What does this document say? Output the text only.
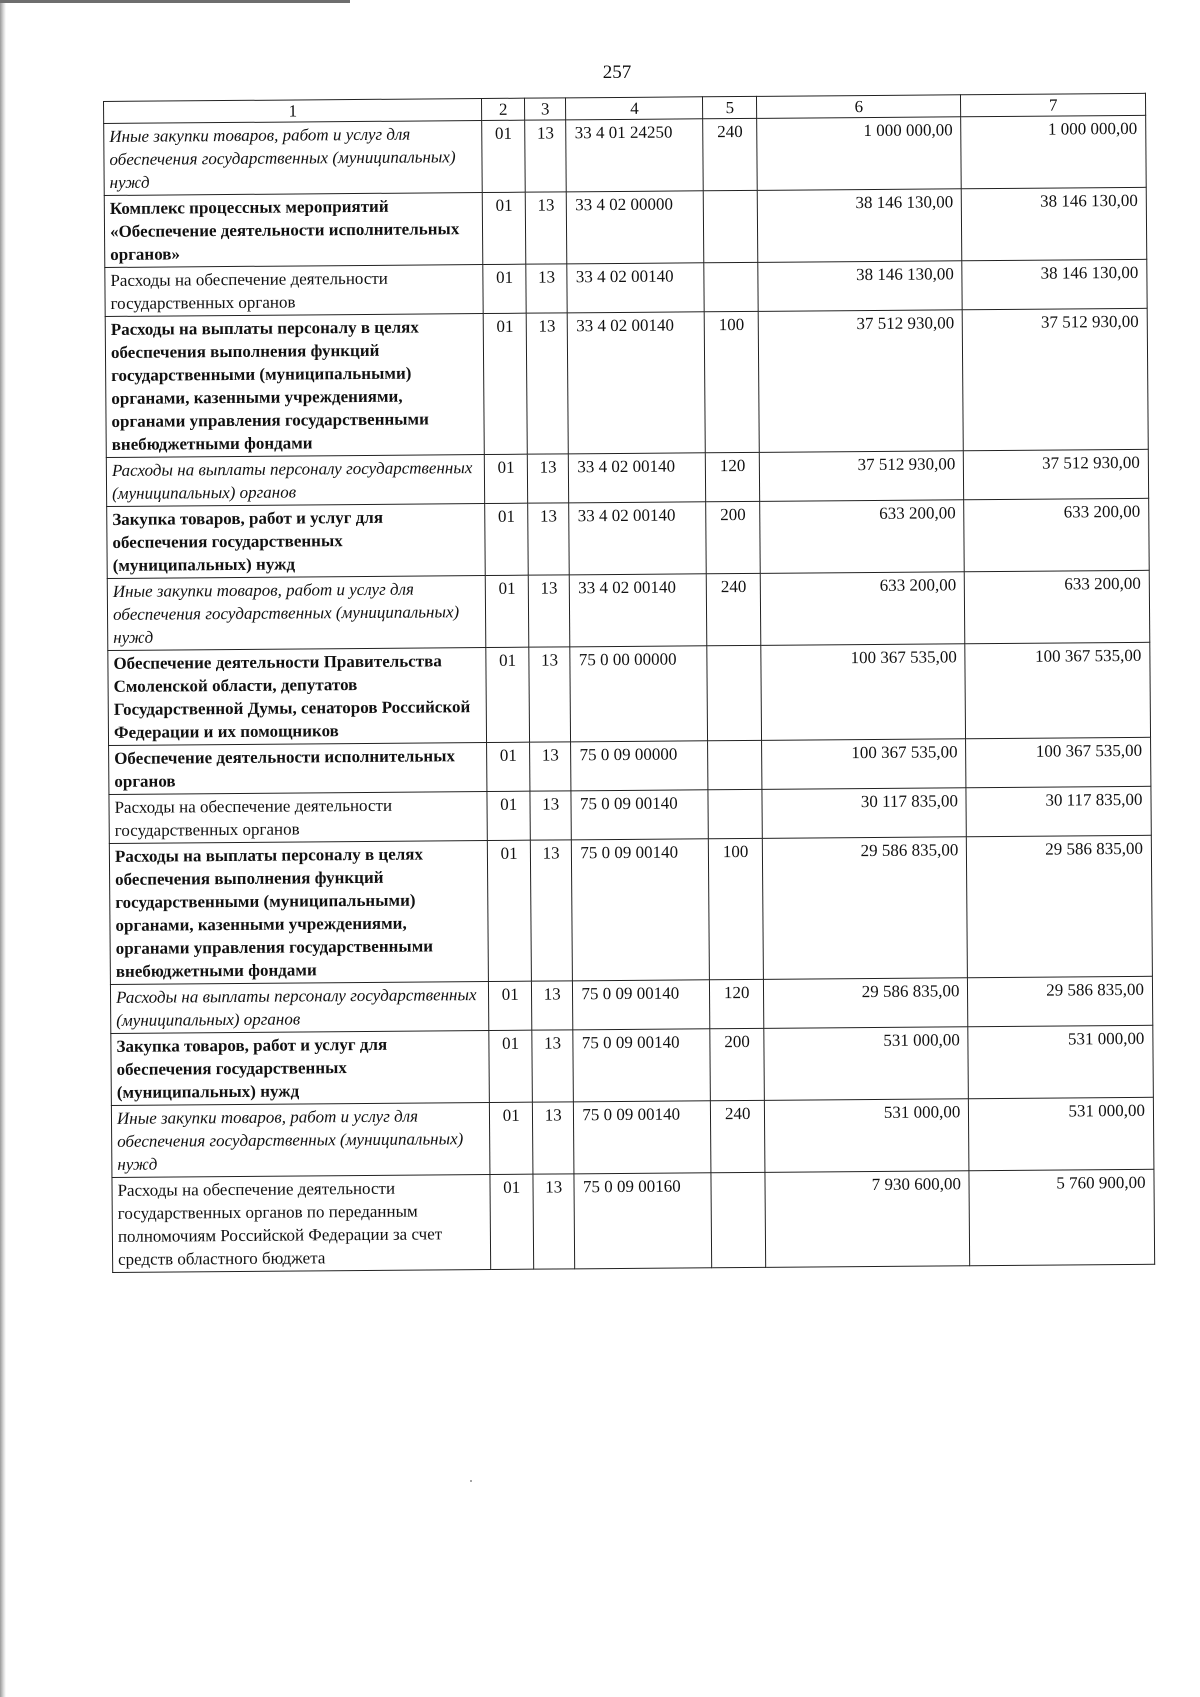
257
1	2	3	4	5	6	7
Иные закупки товаров, работ и услуг для обеспечения государственных (муниципальных) нужд	01	13	33 4 01 24250	240	1 000 000,00	1 000 000,00
Комплекс процессных мероприятий «Обеспечение деятельности исполнительных органов»	01	13	33 4 02 00000		38 146 130,00	38 146 130,00
Расходы на обеспечение деятельности государственных органов	01	13	33 4 02 00140		38 146 130,00	38 146 130,00
Расходы на выплаты персоналу в целях обеспечения выполнения функций государственными (муниципальными) органами, казенными учреждениями, органами управления государственными внебюджетными фондами	01	13	33 4 02 00140	100	37 512 930,00	37 512 930,00
Расходы на выплаты персоналу государственных (муниципальных) органов	01	13	33 4 02 00140	120	37 512 930,00	37 512 930,00
Закупка товаров, работ и услуг для обеспечения государственных (муниципальных) нужд	01	13	33 4 02 00140	200	633 200,00	633 200,00
Иные закупки товаров, работ и услуг для обеспечения государственных (муниципальных) нужд	01	13	33 4 02 00140	240	633 200,00	633 200,00
Обеспечение деятельности Правительства Смоленской области, депутатов Государственной Думы, сенаторов Российской Федерации и их помощников	01	13	75 0 00 00000		100 367 535,00	100 367 535,00
Обеспечение деятельности исполнительных органов	01	13	75 0 09 00000		100 367 535,00	100 367 535,00
Расходы на обеспечение деятельности государственных органов	01	13	75 0 09 00140		30 117 835,00	30 117 835,00
Расходы на выплаты персоналу в целях обеспечения выполнения функций государственными (муниципальными) органами, казенными учреждениями, органами управления государственными внебюджетными фондами	01	13	75 0 09 00140	100	29 586 835,00	29 586 835,00
Расходы на выплаты персоналу государственных (муниципальных) органов	01	13	75 0 09 00140	120	29 586 835,00	29 586 835,00
Закупка товаров, работ и услуг для обеспечения государственных (муниципальных) нужд	01	13	75 0 09 00140	200	531 000,00	531 000,00
Иные закупки товаров, работ и услуг для обеспечения государственных (муниципальных) нужд	01	13	75 0 09 00140	240	531 000,00	531 000,00
Расходы на обеспечение деятельности государственных органов по переданным полномочиям Российской Федерации за счет средств областного бюджета	01	13	75 0 09 00160		7 930 600,00	5 760 900,00
